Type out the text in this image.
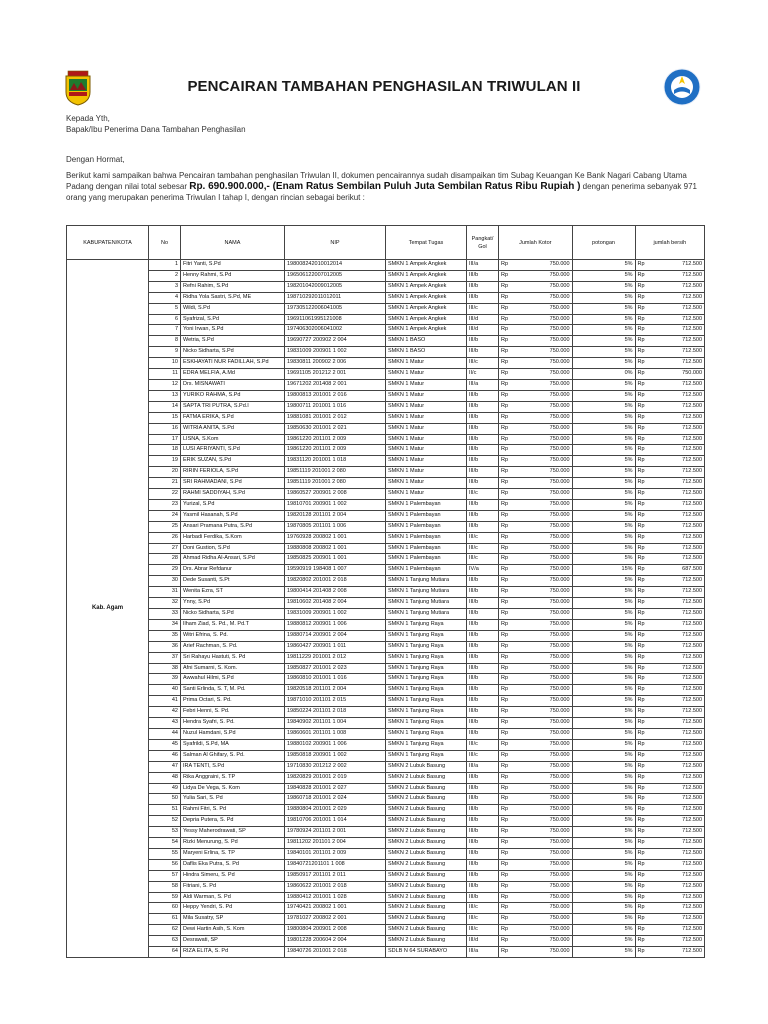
PENCAIRAN TAMBAHAN PENGHASILAN TRIWULAN II
Kepada Yth,
Bapak/Ibu Penerima Dana Tambahan Penghasilan
Dengan Hormat,
Berikut kami sampaikan bahwa Pencairan tambahan penghasilan Triwulan II, dokumen pencairannya sudah disampaikan tim Subag Keuangan Ke Bank Nagari Cabang Utama Padang dengan nilai total sebesar Rp. 690.900.000,- (Enam Ratus Sembilan Puluh Juta Sembilan Ratus Ribu Rupiah ) dengan penerima sebanyak 971 orang yang merupakan penerima Triwulan I tahap I, dengan rincian sebagai berikut :
KABUPATEN/KOTA	No	NAMA	NIP	Tempat Tugas	Pangkat/ Gol	Jumlah Kotor		potongan	jumlah bersih	
Kab. Agam	1	Fitri Yanti, S.Pd	198008242010012014	SMKN 1 Ampek Angkek	III/a	Rp	750.000	5%	Rp	712.500
	2	Henny Rahmi, S.Pd	196506122007012005	SMKN 1 Ampek Angkek	III/b	Rp	750.000	5%	Rp	712.500
	3	Refni Rahim, S.Pd	198201042009012005	SMKN 1 Ampek Angkek	III/b	Rp	750.000	5%	Rp	712.500
	4	Ridha Yola Sastri, S.Pd, ME	198710292011012011	SMKN 1 Ampek Angkek	III/b	Rp	750.000	5%	Rp	712.500
	5	Wildi, S.Pd	197305122006041005	SMKN 1 Ampek Angkek	III/c	Rp	750.000	5%	Rp	712.500
	6	Syafrizal, S.Pd	196911061995121008	SMKN 1 Ampek Angkek	III/d	Rp	750.000	5%	Rp	712.500
	7	Yoni Irwan, S.Pd	197406302006041002	SMKN 1 Ampek Angkek	III/d	Rp	750.000	5%	Rp	712.500
	8	Wetria, S.Pd	19690727 200902 2 004	SMKN 1 BASO	III/b	Rp	750.000	5%	Rp	712.500
	9	Nicko Sidharta, S.Pd	19831009 200901 1 002	SMKN 1 BASO	III/b	Rp	750.000	5%	Rp	712.500
	10	ESKHAYATI NUR FADILLAH, S.Pd	19830811 200902 2 006	SMKN 1 Matur	III/c	Rp	750.000	5%	Rp	712.500
	11	EDRA MELFIA, A.Md	19691105 201212 2 001	SMKN 1 Matur	II/c	Rp	750.000	0%	Rp	750.000
	12	Drs. MISNAWATI	19671202 201408 2 001	SMKN 1 Matur	III/a	Rp	750.000	5%	Rp	712.500
	13	YURIKO RAHMA, S.Pd	19800813 201001 2 016	SMKN 1 Matur	III/b	Rp	750.000	5%	Rp	712.500
	14	SAPTA TRI PUTRA, S.Pd.I	19800711 201001 1 016	SMKN 1 Matur	III/b	Rp	750.000	5%	Rp	712.500
	15	FATMA ERIKA, S.Pd	19881081 201001 2 012	SMKN 1 Matur	III/b	Rp	750.000	5%	Rp	712.500
	16	WITRIA ANITA, S.Pd	19850630 201001 2 021	SMKN 1 Matur	III/b	Rp	750.000	5%	Rp	712.500
	17	LISNA, S.Kom	19861220 201101 2 009	SMKN 1 Matur	III/b	Rp	750.000	5%	Rp	712.500
	18	LUSI AFRIYANTI, S.Pd	19861220 201101 2 009	SMKN 1 Matur	III/b	Rp	750.000	5%	Rp	712.500
	19	ERIK SUZAN, S.Pd	19831120 201001 1 018	SMKN 1 Matur	III/b	Rp	750.000	5%	Rp	712.500
	20	RIRIN FERIOLA, S.Pd	19851119 201001 2 080	SMKN 1 Matur	III/b	Rp	750.000	5%	Rp	712.500
	21	SRI RAHMADANI, S.Pd	19851119 201001 2 080	SMKN 1 Matur	III/b	Rp	750.000	5%	Rp	712.500
	22	RAHMI SADDIYAH, S.Pd	19860527 200901 2 008	SMKN 1 Matur	III/c	Rp	750.000	5%	Rp	712.500
	23	Yurizal, S.Pd	19810701 200901 1 002	SMKN 1 Palembayan	III/b	Rp	750.000	5%	Rp	712.500
	24	Yasmil Hasanah, S.Pd	19820128 201101 2 004	SMKN 1 Palembayan	III/b	Rp	750.000	5%	Rp	712.500
	25	Ansari Pramana Putra, S.Pd	19870805 201101 1 006	SMKN 1 Palembayan	III/b	Rp	750.000	5%	Rp	712.500
	26	Harbadi Ferdika, S.Kom	19760928 200802 1 001	SMKN 1 Palembayan	III/c	Rp	750.000	5%	Rp	712.500
	27	Doni Gustion, S.Pd	19880808 200802 1 001	SMKN 1 Palembayan	III/c	Rp	750.000	5%	Rp	712.500
	28	Ahmad Ridha Al-Ansari, S.Pd	19850825 200901 1 001	SMKN 1 Palembayan	III/c	Rp	750.000	5%	Rp	712.500
	29	Drs. Abrar Refdanur	19590919 198408 1 007	SMKN 1 Palembayan	IV/a	Rp	750.000	15%	Rp	687.500
	30	Dede Susanti, S.Pt	19820802 201001 2 018	SMKN 1 Tanjung Mutiara	III/b	Rp	750.000	5%	Rp	712.500
	31	Wenita Ezra, ST	19800414 201408 2 008	SMKN 1 Tanjung Mutiara	III/b	Rp	750.000	5%	Rp	712.500
	32	Ynny, S.Pd	19810602 201408 2 004	SMKN 1 Tanjung Mutiara	III/b	Rp	750.000	5%	Rp	712.500
	33	Nicko Sidharta, S.Pd	19831009 200901 1 002	SMKN 1 Tanjung Mutiara	III/b	Rp	750.000	5%	Rp	712.500
	34	Ilham Ziad, S. Pd., M. Pd.T	19880812 200901 1 006	SMKN 1 Tanjung Raya	III/b	Rp	750.000	5%	Rp	712.500
	35	Witri Efrina, S. Pd.	19880714 200901 2 004	SMKN 1 Tanjung Raya	III/b	Rp	750.000	5%	Rp	712.500
	36	Arief Rachman, S. Pd.	19860427 200901 1 011	SMKN 1 Tanjung Raya	III/b	Rp	750.000	5%	Rp	712.500
	37	Sri Rahayu Hastuti, S. Pd	19811229 201001 2 012	SMKN 1 Tanjung Raya	III/b	Rp	750.000	5%	Rp	712.500
	38	Afni Sumarni, S. Kom.	19850827 201001 2 023	SMKN 1 Tanjung Raya	III/b	Rp	750.000	5%	Rp	712.500
	39	Awwahul Hilmi, S.Pd	19860810 201001 1 016	SMKN 1 Tanjung Raya	III/b	Rp	750.000	5%	Rp	712.500
	40	Santi Erlinda, S. T, M. Pd.	19820518 201101 2 004	SMKN 1 Tanjung Raya	III/b	Rp	750.000	5%	Rp	712.500
	41	Prima Octari, S. Pd.	19871010 201101 2 015	SMKN 1 Tanjung Raya	III/b	Rp	750.000	5%	Rp	712.500
	42	Febri Henni, S. Pd.	19850224 201101 2 018	SMKN 1 Tanjung Raya	III/b	Rp	750.000	5%	Rp	712.500
	43	Hendra Syafri, S. Pd.	19840902 201101 1 004	SMKN 1 Tanjung Raya	III/b	Rp	750.000	5%	Rp	712.500
	44	Nuzul Hamdani, S.Pd	19860601 201101 1 008	SMKN 1 Tanjung Raya	III/b	Rp	750.000	5%	Rp	712.500
	45	Syafrildi, S.Pd, MA	19880102 200901 1 006	SMKN 1 Tanjung Raya	III/c	Rp	750.000	5%	Rp	712.500
	46	Salman Al Ghifary, S. Pd.	19850818 200901 1 002	SMKN 1 Tanjung Raya	III/c	Rp	750.000	5%	Rp	712.500
	47	IRA TENTI, S.Pd	19710830 201212 2 002	SMKN 2 Lubuk Basung	III/a	Rp	750.000	5%	Rp	712.500
	48	Rika Anggraini, S. TP	19820829 201001 2 019	SMKN 2 Lubuk Basung	III/b	Rp	750.000	5%	Rp	712.500
	49	Lidya De Vega, S. Kom	19840828 201001 2 027	SMKN 2 Lubuk Basung	III/b	Rp	750.000	5%	Rp	712.500
	50	Yulia Sari, S. Pd	19860718 201001 2 024	SMKN 2 Lubuk Basung	III/b	Rp	750.000	5%	Rp	712.500
	51	Rahmi Fitri, S. Pd	19880804 201001 2 029	SMKN 2 Lubuk Basung	III/b	Rp	750.000	5%	Rp	712.500
	52	Depria Putera, S. Pd	19810706 201001 1 014	SMKN 2 Lubuk Basung	III/b	Rp	750.000	5%	Rp	712.500
	53	Yessy Maherodrawati, SP	19780924 201101 2 001	SMKN 2 Lubuk Basung	III/b	Rp	750.000	5%	Rp	712.500
	54	Rizki Menurung, S. Pd	19811202 201101 2 004	SMKN 2 Lubuk Basung	III/b	Rp	750.000	5%	Rp	712.500
	55	Maryeni Erlina, S. TP	19840101 201101 2 009	SMKN 2 Lubuk Basung	III/b	Rp	750.000	5%	Rp	712.500
	56	Daflis Eka Putra, S. Pd	19840721201101 1 008	SMKN 2 Lubuk Basung	III/b	Rp	750.000	5%	Rp	712.500
	57	Hindra Simeru, S. Pd	19850917 201101 2 011	SMKN 2 Lubuk Basung	III/b	Rp	750.000	5%	Rp	712.500
	58	Fitriani, S. Pd	19860622 201001 2 018	SMKN 2 Lubuk Basung	III/b	Rp	750.000	5%	Rp	712.500
	59	Aldi Warman, S. Pd	19880412 201001 1 028	SMKN 2 Lubuk Basung	III/b	Rp	750.000	5%	Rp	712.500
	60	Heppy Yendri, S. Pd	19740421 200802 1 001	SMKN 2 Lubuk Basung	III/c	Rp	750.000	5%	Rp	712.500
	61	Mila Susatry, SP	19781027 200802 2 001	SMKN 2 Lubuk Basung	III/c	Rp	750.000	5%	Rp	712.500
	62	Dewi Hartin Asih, S. Kom	19800804 200901 2 008	SMKN 2 Lubuk Basung	III/c	Rp	750.000	5%	Rp	712.500
	63	Desrawati, SP	19801228 200604 2 004	SMKN 2 Lubuk Basung	III/d	Rp	750.000	5%	Rp	712.500
	64	RIZA ELITA, S. Pd	19840726 201001 2 018	SDLB N 64 SURABAYO	III/a	Rp	750.000	5%	Rp	712.500
